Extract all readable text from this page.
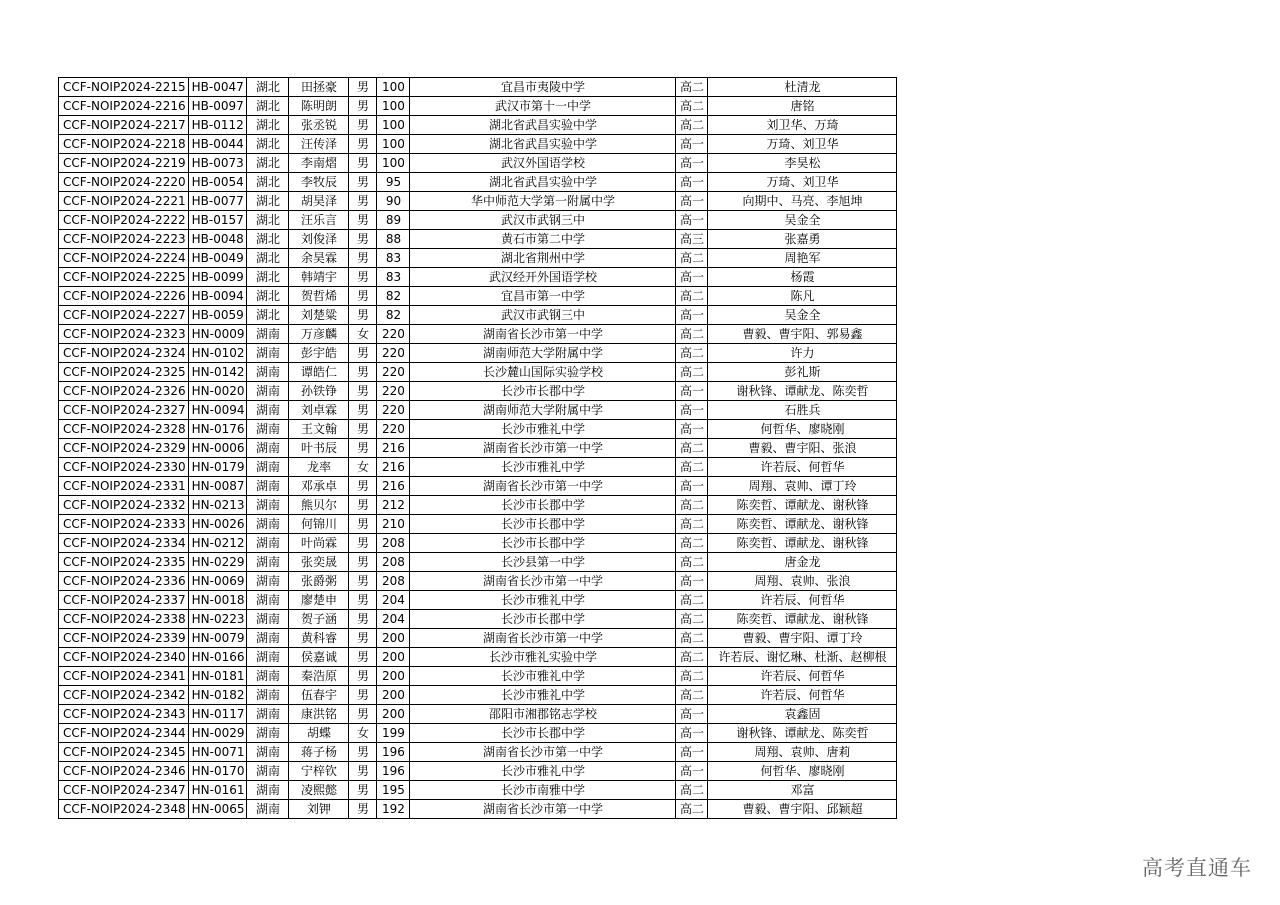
CCF-NOIP2024-2215	HB-0047	湖北	田拯豪	男	100	宜昌市夷陵中学	高二	杜清龙
CCF-NOIP2024-2216	HB-0097	湖北	陈明朗	男	100	武汉市第十一中学	高二	唐铭
CCF-NOIP2024-2217	HB-0112	湖北	张丞锐	男	100	湖北省武昌实验中学	高二	刘卫华、万琦
CCF-NOIP2024-2218	HB-0044	湖北	汪传泽	男	100	湖北省武昌实验中学	高一	万琦、刘卫华
CCF-NOIP2024-2219	HB-0073	湖北	李南熠	男	100	武汉外国语学校	高一	李昊松
CCF-NOIP2024-2220	HB-0054	湖北	李牧辰	男	95	湖北省武昌实验中学	高一	万琦、刘卫华
CCF-NOIP2024-2221	HB-0077	湖北	胡昊泽	男	90	华中师范大学第一附属中学	高一	向期中、马亮、李旭坤
CCF-NOIP2024-2222	HB-0157	湖北	汪乐言	男	89	武汉市武钢三中	高一	吴金全
CCF-NOIP2024-2223	HB-0048	湖北	刘俊泽	男	88	黄石市第二中学	高三	张嘉勇
CCF-NOIP2024-2224	HB-0049	湖北	余昊霖	男	83	湖北省荆州中学	高二	周艳军
CCF-NOIP2024-2225	HB-0099	湖北	韩靖宇	男	83	武汉经开外国语学校	高一	杨霞
CCF-NOIP2024-2226	HB-0094	湖北	贺哲烯	男	82	宜昌市第一中学	高二	陈凡
CCF-NOIP2024-2227	HB-0059	湖北	刘楚粱	男	82	武汉市武钢三中	高一	吴金全
CCF-NOIP2024-2323	HN-0009	湖南	万彦麟	女	220	湖南省长沙市第一中学	高二	曹毅、曹宇阳、郭易鑫
CCF-NOIP2024-2324	HN-0102	湖南	彭宇皓	男	220	湖南师范大学附属中学	高二	许力
CCF-NOIP2024-2325	HN-0142	湖南	谭皓仁	男	220	长沙麓山国际实验学校	高二	彭礼斯
CCF-NOIP2024-2326	HN-0020	湖南	孙铁铮	男	220	长沙市长郡中学	高一	谢秋锋、谭献龙、陈奕哲
CCF-NOIP2024-2327	HN-0094	湖南	刘卓霖	男	220	湖南师范大学附属中学	高一	石胜兵
CCF-NOIP2024-2328	HN-0176	湖南	王文翰	男	220	长沙市雅礼中学	高一	何哲华、廖晓刚
CCF-NOIP2024-2329	HN-0006	湖南	叶书辰	男	216	湖南省长沙市第一中学	高二	曹毅、曹宇阳、张浪
CCF-NOIP2024-2330	HN-0179	湖南	龙率	女	216	长沙市雅礼中学	高二	许若辰、何哲华
CCF-NOIP2024-2331	HN-0087	湖南	邓承卓	男	216	湖南省长沙市第一中学	高一	周翔、袁帅、谭丁玲
CCF-NOIP2024-2332	HN-0213	湖南	熊贝尔	男	212	长沙市长郡中学	高二	陈奕哲、谭献龙、谢秋锋
CCF-NOIP2024-2333	HN-0026	湖南	何锦川	男	210	长沙市长郡中学	高二	陈奕哲、谭献龙、谢秋锋
CCF-NOIP2024-2334	HN-0212	湖南	叶尚霖	男	208	长沙市长郡中学	高二	陈奕哲、谭献龙、谢秋锋
CCF-NOIP2024-2335	HN-0229	湖南	张奕晟	男	208	长沙县第一中学	高二	唐金龙
CCF-NOIP2024-2336	HN-0069	湖南	张爵粥	男	208	湖南省长沙市第一中学	高一	周翔、袁帅、张浪
CCF-NOIP2024-2337	HN-0018	湖南	廖楚申	男	204	长沙市雅礼中学	高二	许若辰、何哲华
CCF-NOIP2024-2338	HN-0223	湖南	贺子涵	男	204	长沙市长郡中学	高二	陈奕哲、谭献龙、谢秋锋
CCF-NOIP2024-2339	HN-0079	湖南	黄科睿	男	200	湖南省长沙市第一中学	高二	曹毅、曹宇阳、谭丁玲
CCF-NOIP2024-2340	HN-0166	湖南	侯嘉诚	男	200	长沙市雅礼实验中学	高二	许若辰、谢忆琳、杜渐、赵柳根
CCF-NOIP2024-2341	HN-0181	湖南	秦浩原	男	200	长沙市雅礼中学	高二	许若辰、何哲华
CCF-NOIP2024-2342	HN-0182	湖南	伍春宇	男	200	长沙市雅礼中学	高二	许若辰、何哲华
CCF-NOIP2024-2343	HN-0117	湖南	康洪铭	男	200	邵阳市湘郡铭志学校	高一	袁鑫固
CCF-NOIP2024-2344	HN-0029	湖南	胡蝶	女	199	长沙市长郡中学	高一	谢秋锋、谭献龙、陈奕哲
CCF-NOIP2024-2345	HN-0071	湖南	蒋子杨	男	196	湖南省长沙市第一中学	高一	周翔、袁帅、唐莉
CCF-NOIP2024-2346	HN-0170	湖南	宁梓钦	男	196	长沙市雅礼中学	高一	何哲华、廖晓刚
CCF-NOIP2024-2347	HN-0161	湖南	凌熙懿	男	195	长沙市南雅中学	高二	邓富
CCF-NOIP2024-2348	HN-0065	湖南	刘钾	男	192	湖南省长沙市第一中学	高二	曹毅、曹宇阳、邱颖超
高考直通车
